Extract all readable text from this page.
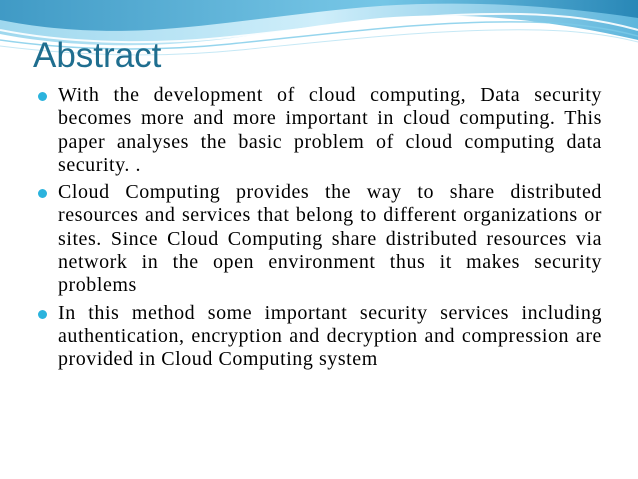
Abstract
With the development of cloud computing, Data security becomes more and more important in cloud computing. This paper analyses the basic problem of cloud computing data security. .
Cloud Computing provides the way to share distributed resources and services that belong to different organizations or sites. Since Cloud Computing share distributed resources via network in the open environment thus it makes security problems
In this method some important security services including authentication, encryption and decryption and compression are provided in Cloud Computing system
